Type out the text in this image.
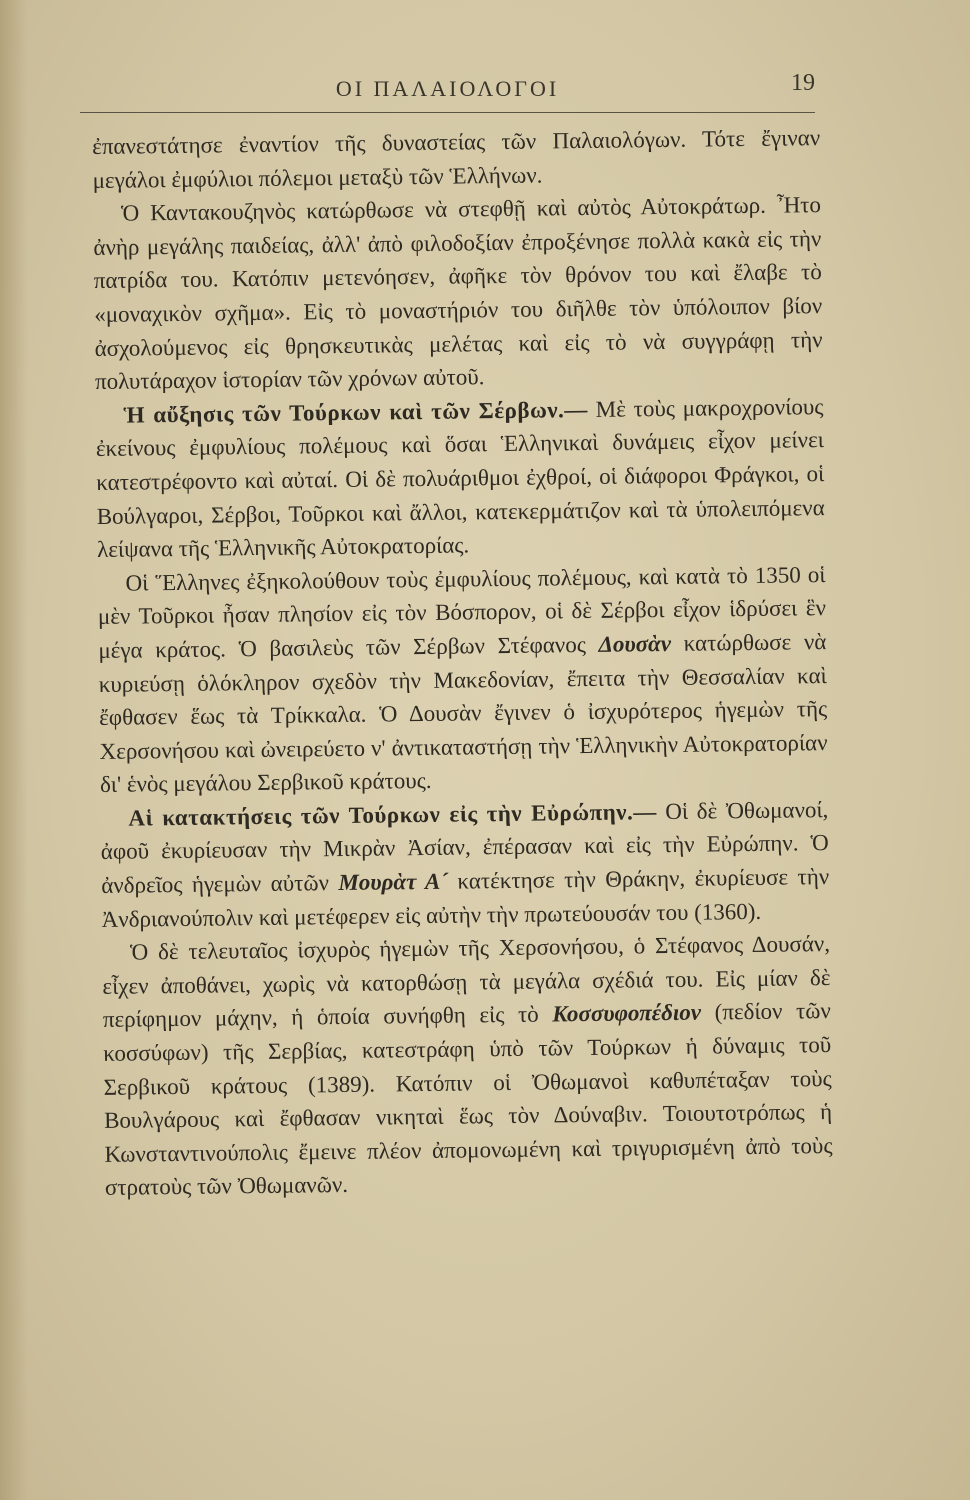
ΟΙ ΠΑΛΑΙΟΛΟΓΟΙ	19

ἐπανεστάτησε ἐναντίον τῆς δυναστείας τῶν Παλαιολόγων. Τότε ἔγιναν μεγάλοι ἐμφύλιοι πόλεμοι μεταξὺ τῶν Ἑλλήνων.

Ὁ Καντακουζηνὸς κατώρθωσε νὰ στεφθῇ καὶ αὐτὸς Αὐτοκράτωρ. Ἦτο ἀνὴρ μεγάλης παιδείας, ἀλλ' ἀπὸ φιλοδοξίαν ἐπροξένησε πολλὰ κακὰ εἰς τὴν πατρίδα του. Κατόπιν μετενόησεν, ἀφῆκε τὸν θρόνον του καὶ ἔλαβε τὸ «μοναχικὸν σχῆμα». Εἰς τὸ μοναστήριόν του διῆλθε τὸν ὑπόλοιπον βίον ἀσχολούμενος εἰς θρησκευτικὰς μελέτας καὶ εἰς τὸ νὰ συγγράφῃ τὴν πολυτάραχον ἱστορίαν τῶν χρόνων αὐτοῦ.

Ἡ αὔξησις τῶν Τούρκων καὶ τῶν Σέρβων.— Μὲ τοὺς μακροχρονίους ἐκείνους ἐμφυλίους πολέμους καὶ ὅσαι Ἑλληνικαὶ δυνάμεις εἶχον μείνει κατεστρέφοντο καὶ αὐταί. Οἱ δὲ πολυάριθμοι ἐχθροί, οἱ διάφοροι Φράγκοι, οἱ Βούλγαροι, Σέρβοι, Τοῦρκοι καὶ ἄλλοι, κατεκερμάτιζον καὶ τὰ ὑπολειπόμενα λείψανα τῆς Ἑλληνικῆς Αὐτοκρατορίας.

Οἱ Ἕλληνες ἐξηκολούθουν τοὺς ἐμφυλίους πολέμους, καὶ κατὰ τὸ 1350 οἱ μὲν Τοῦρκοι ἦσαν πλησίον εἰς τὸν Βόσπορον, οἱ δὲ Σέρβοι εἶχον ἱδρύσει ἓν μέγα κράτος. Ὁ βασιλεὺς τῶν Σέρβων Στέφανος Δουσὰν κατώρθωσε νὰ κυριεύσῃ ὁλόκληρον σχεδὸν τὴν Μακεδονίαν, ἔπειτα τὴν Θεσσαλίαν καὶ ἔφθασεν ἕως τὰ Τρίκκαλα. Ὁ Δουσὰν ἔγινεν ὁ ἰσχυρότερος ἡγεμὼν τῆς Χερσονήσου καὶ ὠνειρεύετο ν' ἀντικαταστήσῃ τὴν Ἑλληνικὴν Αὐτοκρατορίαν δι' ἑνὸς μεγάλου Σερβικοῦ κράτους.

Αἱ κατακτήσεις τῶν Τούρκων εἰς τὴν Εὐρώπην.— Οἱ δὲ Ὀθωμανοί, ἀφοῦ ἐκυρίευσαν τὴν Μικρὰν Ἀσίαν, ἐπέρασαν καὶ εἰς τὴν Εὐρώπην. Ὁ ἀνδρεῖος ἡγεμὼν αὐτῶν Μουρὰτ Α´ κατέκτησε τὴν Θράκην, ἐκυρίευσε τὴν Ἀνδριανούπολιν καὶ μετέφερεν εἰς αὐτὴν τὴν πρωτεύουσάν του (1360).

Ὁ δὲ τελευταῖος ἰσχυρὸς ἡγεμὼν τῆς Χερσονήσου, ὁ Στέφανος Δουσάν, εἶχεν ἀποθάνει, χωρὶς νὰ κατορθώσῃ τὰ μεγάλα σχέδιά του. Εἰς μίαν δὲ περίφημον μάχην, ἡ ὁποία συνήφθη εἰς τὸ Κοσσυφοπέδιον (πεδίον τῶν κοσσύφων) τῆς Σερβίας, κατεστράφη ὑπὸ τῶν Τούρκων ἡ δύναμις τοῦ Σερβικοῦ κράτους (1389). Κατόπιν οἱ Ὀθωμανοὶ καθυπέταξαν τοὺς Βουλγάρους καὶ ἔφθασαν νικηταὶ ἕως τὸν Δούναβιν. Τοιουτοτρόπως ἡ Κωνσταντινούπολις ἔμεινε πλέον ἀπομονωμένη καὶ τριγυρισμένη ἀπὸ τοὺς στρατοὺς τῶν Ὀθωμανῶν.
